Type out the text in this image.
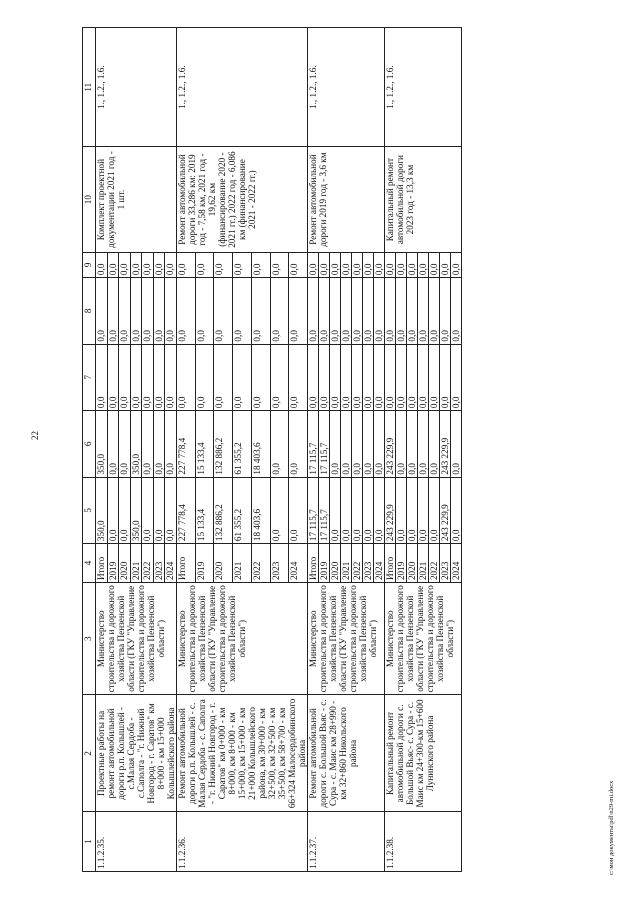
22
c:\мои документы\pdl\n29-mi.docx
1	2	3	4	5	6	7	8	9	10	11
1.1.2.35.	Проектные работы на ремонт автомобильной дороги р.п. Колышлей - с.Малая Сердоба - с.Саполга - "г. Нижний Новгород - г. Саратов" км 8+000 - км 15+000 Колышлейского района	Министерство строительства и дорожного хозяйства Пензенской области (ГКУ "Управление строительства и дорожного хозяйства Пензенской области")	Итого	350,0	350,0	0,0	0,0	0,0	Комплект проектной документации 2021 год - 1 шт.	1., 1.2., 1.6.
			2019	0,0	0,0	0,0	0,0	0,0		
			2020	0,0	0,0	0,0	0,0	0,0		
			2021	350,0	350,0	0,0	0,0	0,0		
			2022	0,0	0,0	0,0	0,0	0,0		
			2023	0,0	0,0	0,0	0,0	0,0		
			2024	0,0	0,0	0,0	0,0	0,0		
1.1.2.36.	Ремонт автомобильной дороги р.п. Колышлей - с. Малая Сердоба - с. Саполга - "г. Нижний Новгород - г. Саратов" км 0+000 - км 8+000, км 8+000 - км 15+000, км 15+000 - км 21+000 Колышлейского района, км 30+000 - км 32+500, км 32+500 - км 35+500, км 58+700 - км 66+324 Малосердобинского района	Министерство строительства и дорожного хозяйства Пензенской области (ГКУ "Управление строительства и дорожного хозяйства Пензенской области")	Итого	227 778,4	227 778,4	0,0	0,0	0,0	Ремонт автомобильной дороги 33,286 км: 2019 год - 7,58 км, 2021 год - 19,62 км (финансирование 2020 - 2021 гг.) 2022 год - 6,086 км (финансирование 2021 - 2022 гг.)	1., 1.2., 1.6.
			2019	15 133,4	15 133,4	0,0	0,0	0,0		
			2020	132 886,2	132 886,2	0,0	0,0	0,0		
			2021	61 355,2	61 355,2	0,0	0,0	0,0		
			2022	18 403,6	18 403,6	0,0	0,0	0,0		
			2023	0,0	0,0	0,0	0,0	0,0		
			2024	0,0	0,0	0,0	0,0	0,0		
1.1.2.37.	Ремонт автомобильной дороги с. Большой Вьяс - с. Сура - с. Маис км 28+990 - км 32+860 Никольского района	Министерство строительства и дорожного хозяйства Пензенской области (ГКУ "Управление строительства и дорожного хозяйства Пензенской области")	Итого	17 115,7	17 115,7	0,0	0,0	0,0	Ремонт автомобильной дороги 2019 год - 3,6 км	1., 1.2., 1.6.
			2019	17 115,7	17 115,7	0,0	0,0	0,0		
			2020	0,0	0,0	0,0	0,0	0,0		
			2021	0,0	0,0	0,0	0,0	0,0		
			2022	0,0	0,0	0,0	0,0	0,0		
			2023	0,0	0,0	0,0	0,0	0,0		
			2024	0,0	0,0	0,0	0,0	0,0		
1.1.2.38.	Капитальный ремонт автомобильной дороги с. Большой Вьяс- с. Сура - с. Маис км 24+300-км 15+600 Лунинского района	Министерство строительства и дорожного хозяйства Пензенской области (ГКУ "Управление строительства и дорожного хозяйства Пензенской области")	Итого	243 229,9	243 229,9	0,0	0,0	0,0	Капитальный ремонт автомобильной дороги 2023 год - 13,3 км	1., 1.2., 1.6.
			2019	0,0	0,0	0,0	0,0	0,0		
			2020	0,0	0,0	0,0	0,0	0,0		
			2021	0,0	0,0	0,0	0,0	0,0		
			2022	0,0	0,0	0,0	0,0	0,0		
			2023	243 229,9	243 229,9	0,0	0,0	0,0		
			2024	0,0	0,0	0,0	0,0	0,0		
